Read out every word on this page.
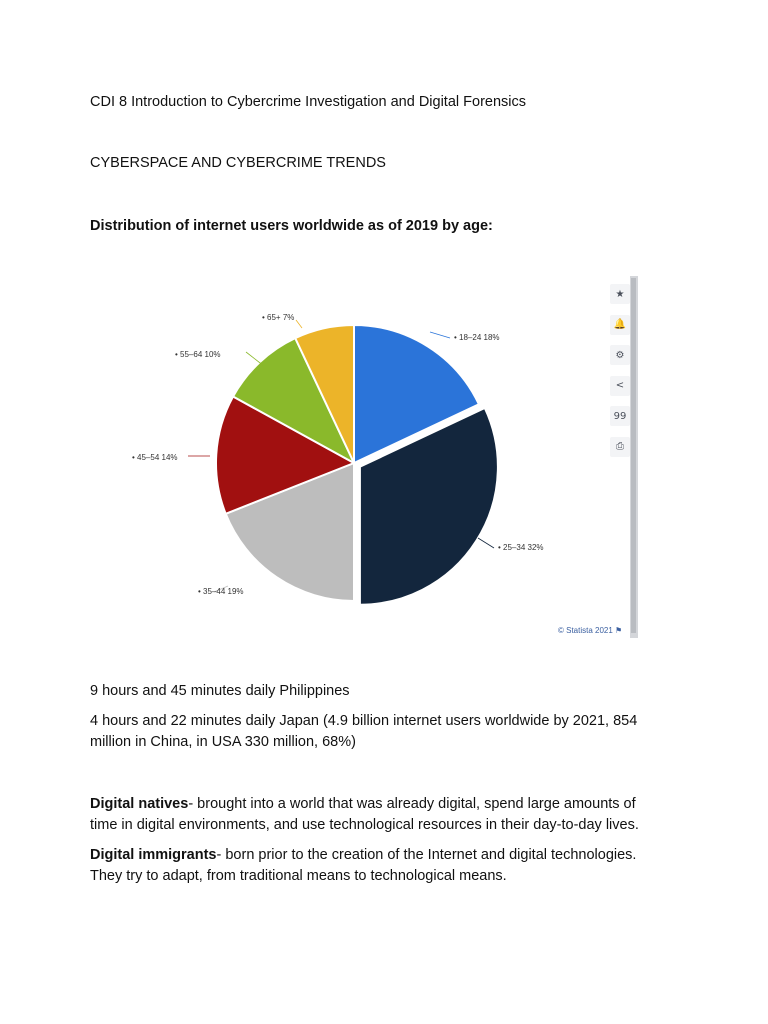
CDI 8 Introduction to Cybercrime Investigation and Digital Forensics
CYBERSPACE AND CYBERCRIME TRENDS
Distribution of internet users worldwide as of 2019 by age:
• 18–24 18%
• 25–34 32%
• 35–44 19%
• 45–54 14%
• 55–64 10%
• 65+ 7%
★
🔔
⚙
<
99
⎙
© Statista 2021 ⚑
9 hours and 45 minutes daily Philippines
4 hours and 22 minutes daily Japan (4.9 billion internet users worldwide by 2021, 854
million in China, in USA 330 million, 68%)
Digital natives- brought into a world that was already digital, spend large amounts of
time in digital environments, and use technological resources in their day-to-day lives.
Digital immigrants- born prior to the creation of the Internet and digital technologies.
They try to adapt, from traditional means to technological means.
